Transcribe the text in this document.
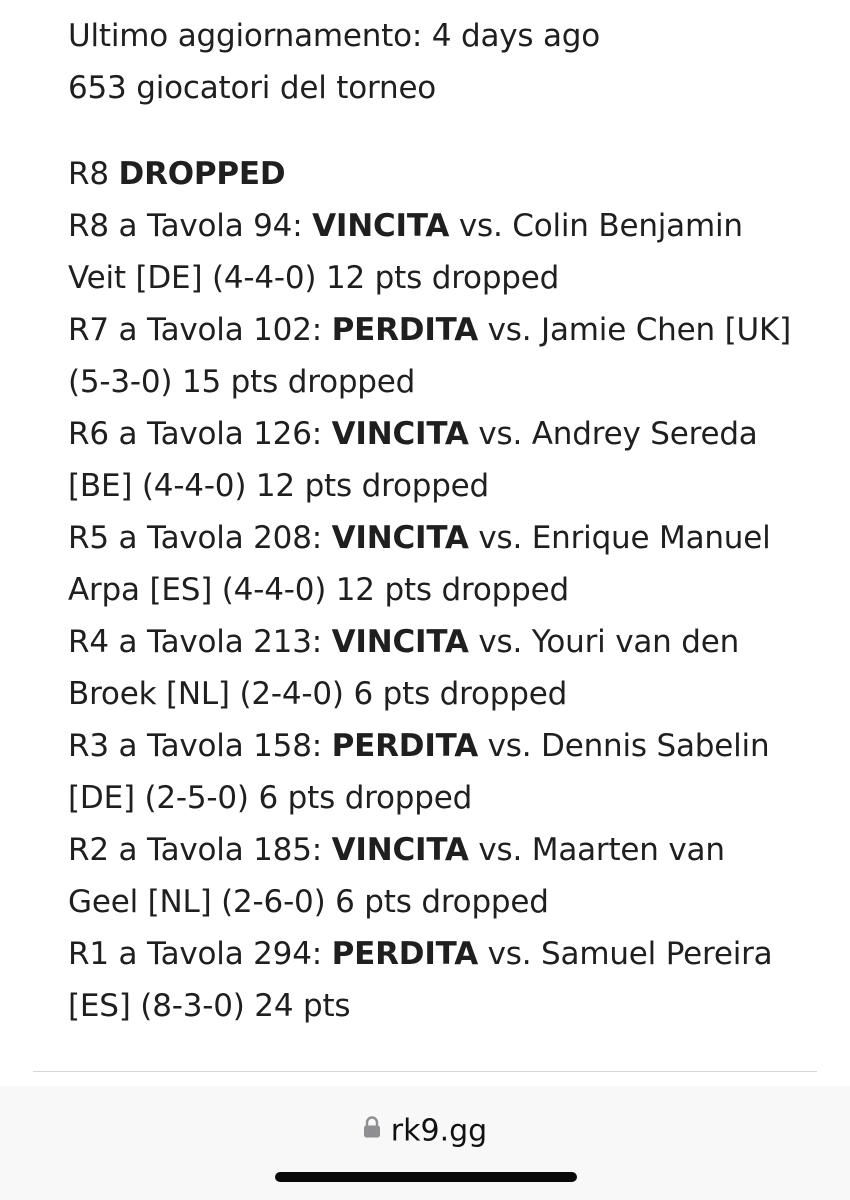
Ultimo aggiornamento: 4 days ago

653 giocatori del torneo

R8 DROPPED

R8 a Tavola 94: VINCITA vs. Colin Benjamin Veit [DE] (4-4-0) 12 pts dropped

R7 a Tavola 102: PERDITA vs. Jamie Chen [UK] (5-3-0) 15 pts dropped

R6 a Tavola 126: VINCITA vs. Andrey Sereda [BE] (4-4-0) 12 pts dropped

R5 a Tavola 208: VINCITA vs. Enrique Manuel Arpa [ES] (4-4-0) 12 pts dropped

R4 a Tavola 213: VINCITA vs. Youri van den Broek [NL] (2-4-0) 6 pts dropped

R3 a Tavola 158: PERDITA vs. Dennis Sabelin [DE] (2-5-0) 6 pts dropped

R2 a Tavola 185: VINCITA vs. Maarten van Geel [NL] (2-6-0) 6 pts dropped

R1 a Tavola 294: PERDITA vs. Samuel Pereira [ES] (8-3-0) 24 pts

rk9.gg
